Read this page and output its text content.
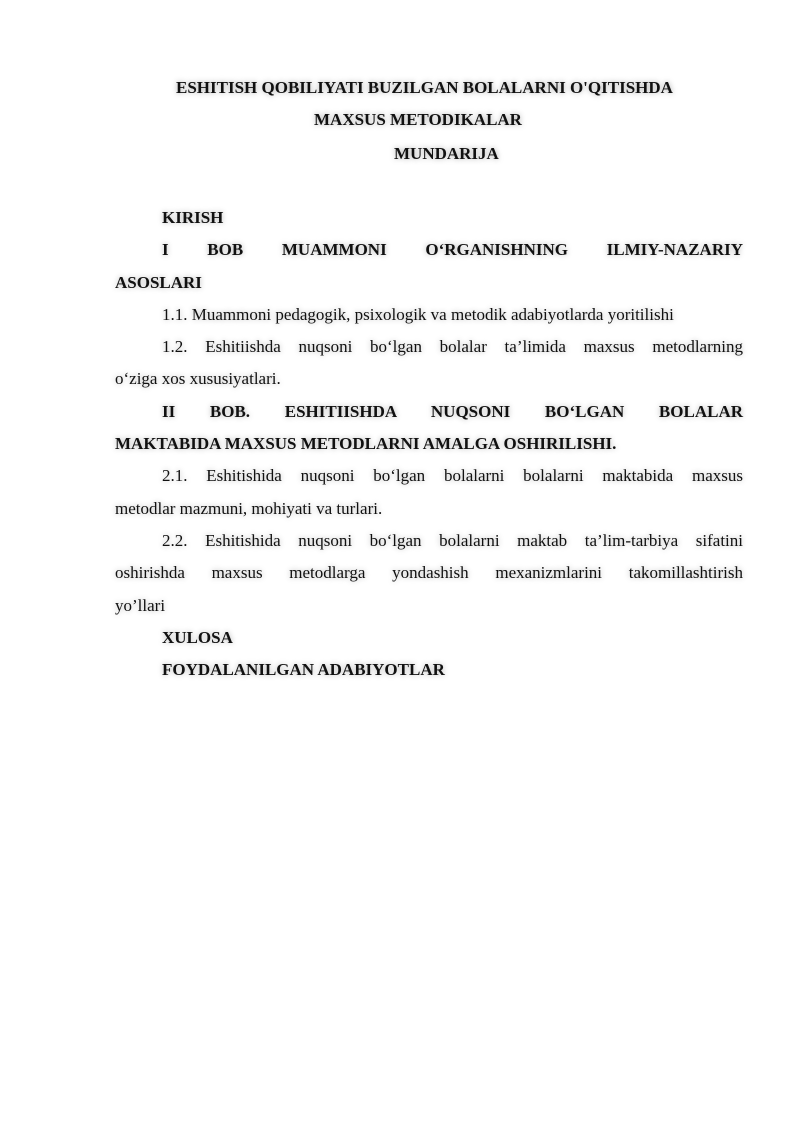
ESHITISH QOBILIYATI BUZILGAN BOLALARNI O'QITISHDA
MAXSUS METODIKALAR
MUNDARIJA

KIRISH

I BOB MUAMMONI O‘RGANISHNING ILMIY-NAZARIY

ASOSLARI

1.1. Muammoni pedagogik, psixologik va metodik adabiyotlarda yoritilishi

1.2. Eshitiishda nuqsoni bo‘lgan bolalar ta’limida maxsus metodlarning

o‘ziga xos xususiyatlari.

II BOB. ESHITIISHDA NUQSONI BO‘LGAN BOLALAR

MAKTABIDA MAXSUS METODLARNI AMALGA OSHIRILISHI.

2.1. Eshitishida nuqsoni bo‘lgan bolalarni bolalarni maktabida maxsus

metodlar mazmuni, mohiyati va turlari.

2.2. Eshitishida nuqsoni bo‘lgan bolalarni maktab ta’lim-tarbiya sifatini

oshirishda maxsus metodlarga yondashish mexanizmlarini takomillashtirish

yo’llari

XULOSA

FOYDALANILGAN ADABIYOTLAR
